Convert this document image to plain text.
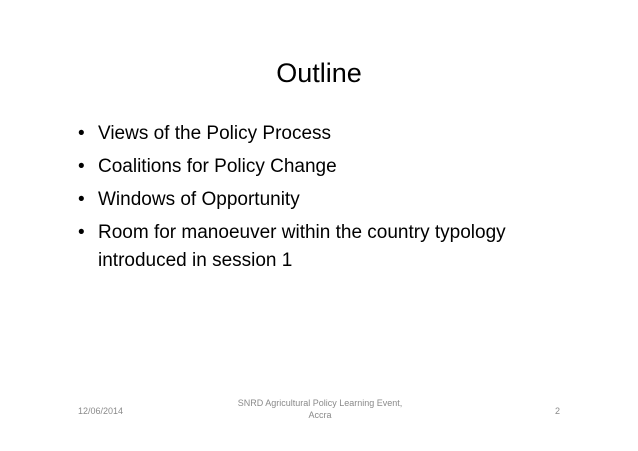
Outline
• Views of the Policy Process
• Coalitions for Policy Change
• Windows of Opportunity
• Room for manoeuver within the country typology introduced in session 1
12/06/2014
SNRD Agricultural Policy Learning Event,
Accra	2
